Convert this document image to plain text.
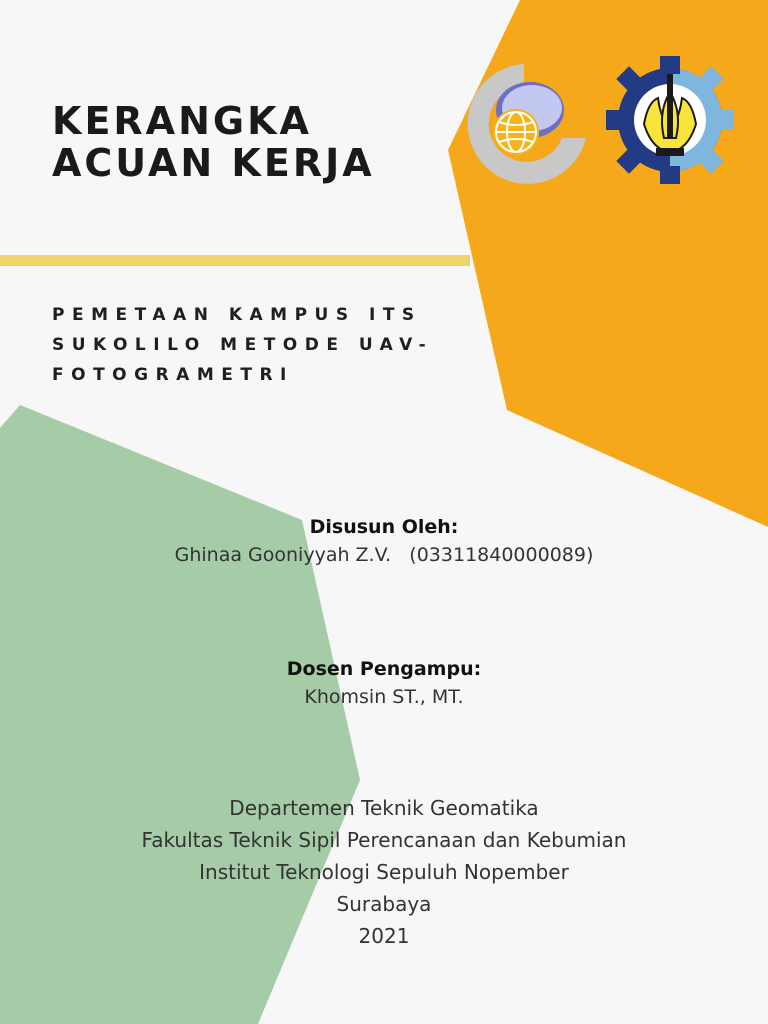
KERANGKA
ACUAN KERJA
PEMETAAN KAMPUS ITS
SUKOLILO METODE UAV-
FOTOGRAMETRI
Disusun Oleh:
Ghinaa Gooniyyah Z.V.   (03311840000089)
Dosen Pengampu:
Khomsin ST., MT.
Departemen Teknik Geomatika
Fakultas Teknik Sipil Perencanaan dan Kebumian
Institut Teknologi Sepuluh Nopember
Surabaya
2021
